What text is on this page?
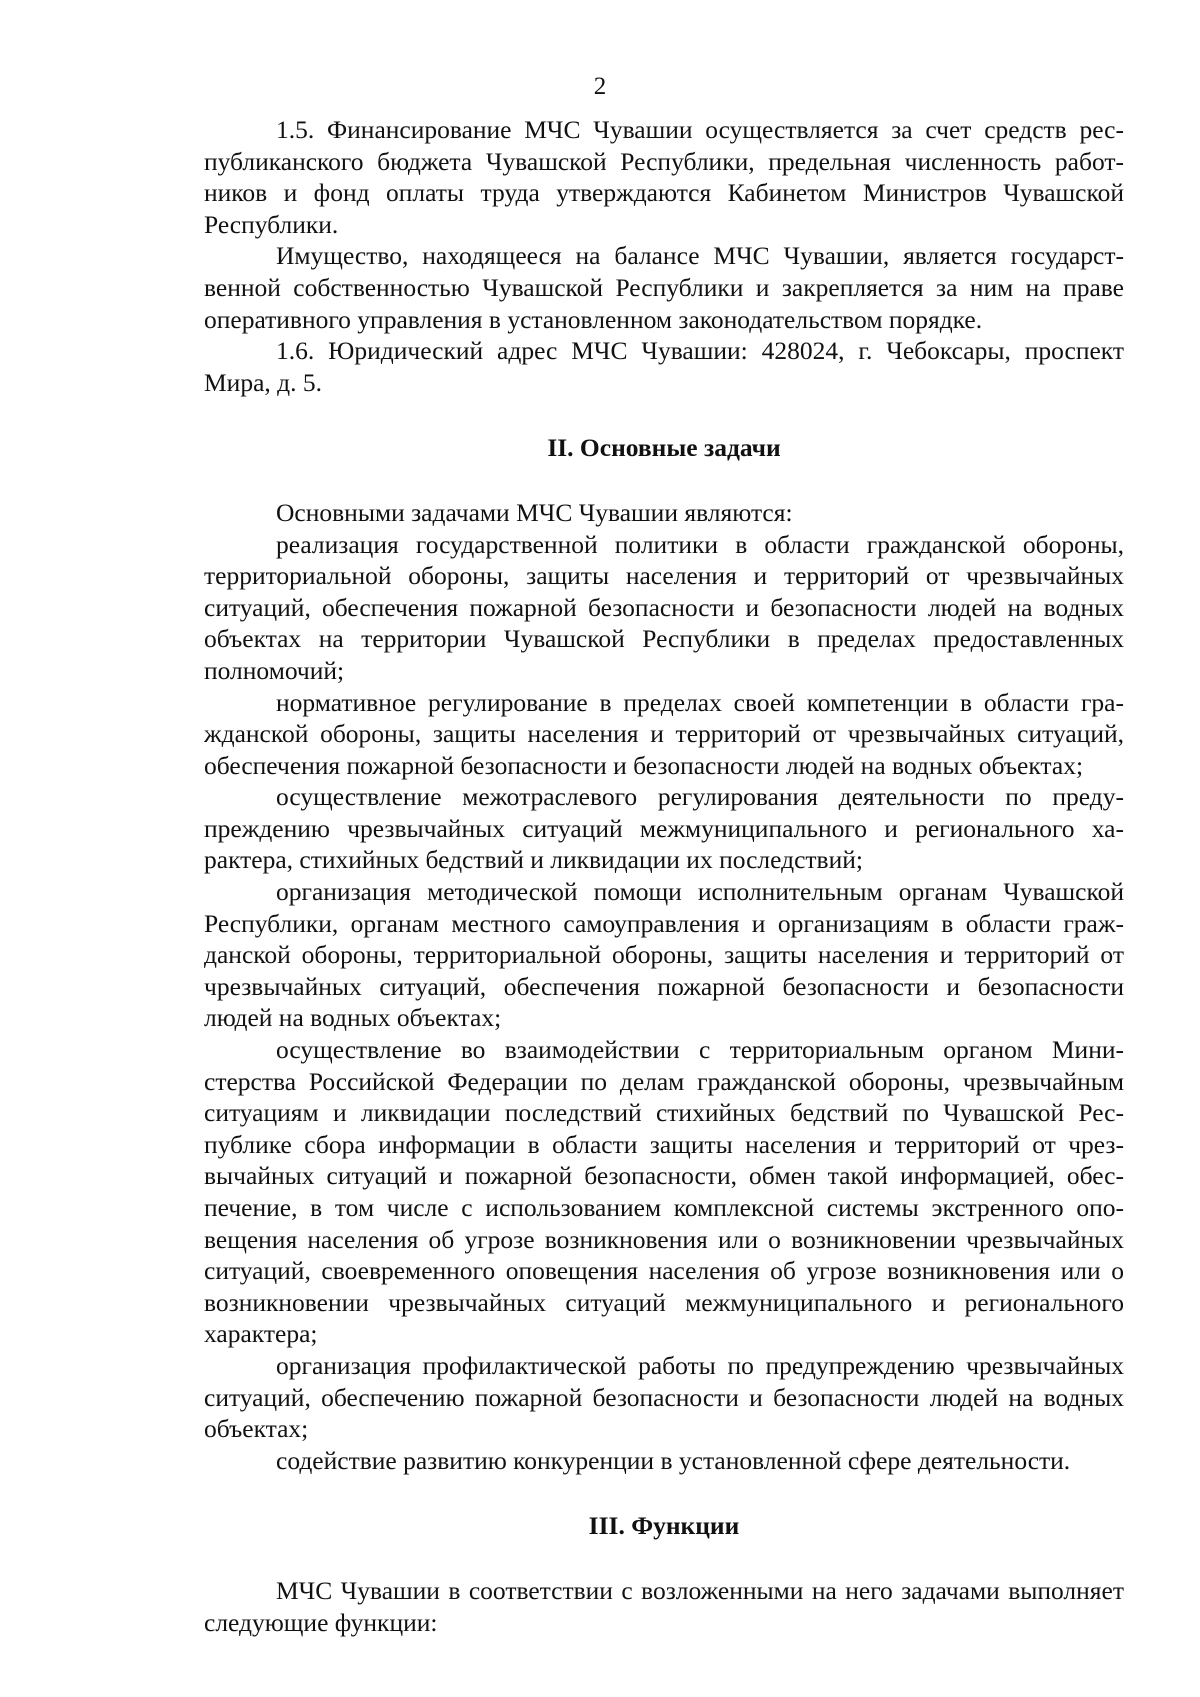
2

1.5. Финансирование МЧС Чувашии осуществляется за счет средств республиканского бюджета Чувашской Республики, предельная численность работников и фонд оплаты труда утверждаются Кабинетом Министров Чувашской Республики.

Имущество, находящееся на балансе МЧС Чувашии, является государственной собственностью Чувашской Республики и закрепляется за ним на праве оперативного управления в установленном законодательством порядке.

1.6. Юридический адрес МЧС Чувашии: 428024, г. Чебоксары, проспект Мира, д. 5.

II. Основные задачи

Основными задачами МЧС Чувашии являются:

реализация государственной политики в области гражданской обороны, территориальной обороны, защиты населения и территорий от чрезвычайных ситуаций, обеспечения пожарной безопасности и безопасности людей на водных объектах на территории Чувашской Республики в пределах предоставленных полномочий;

нормативное регулирование в пределах своей компетенции в области гражданской обороны, защиты населения и территорий от чрезвычайных ситуаций, обеспечения пожарной безопасности и безопасности людей на водных объектах;

осуществление межотраслевого регулирования деятельности по предупреждению чрезвычайных ситуаций межмуниципального и регионального характера, стихийных бедствий и ликвидации их последствий;

организация методической помощи исполнительным органам Чувашской Республики, органам местного самоуправления и организациям в области гражданской обороны, территориальной обороны, защиты населения и территорий от чрезвычайных ситуаций, обеспечения пожарной безопасности и безопасности людей на водных объектах;

осуществление во взаимодействии с территориальным органом Министерства Российской Федерации по делам гражданской обороны, чрезвычайным ситуациям и ликвидации последствий стихийных бедствий по Чувашской Республике сбора информации в области защиты населения и территорий от чрезвычайных ситуаций и пожарной безопасности, обмен такой информацией, обеспечение, в том числе с использованием комплексной системы экстренного оповещения населения об угрозе возникновения или о возникновении чрезвычайных ситуаций, своевременного оповещения населения об угрозе возникновения или о возникновении чрезвычайных ситуаций межмуниципального и регионального характера;

организация профилактической работы по предупреждению чрезвычайных ситуаций, обеспечению пожарной безопасности и безопасности людей на водных объектах;

содействие развитию конкуренции в установленной сфере деятельности.

III. Функции

МЧС Чувашии в соответствии с возложенными на него задачами выполняет следующие функции:
